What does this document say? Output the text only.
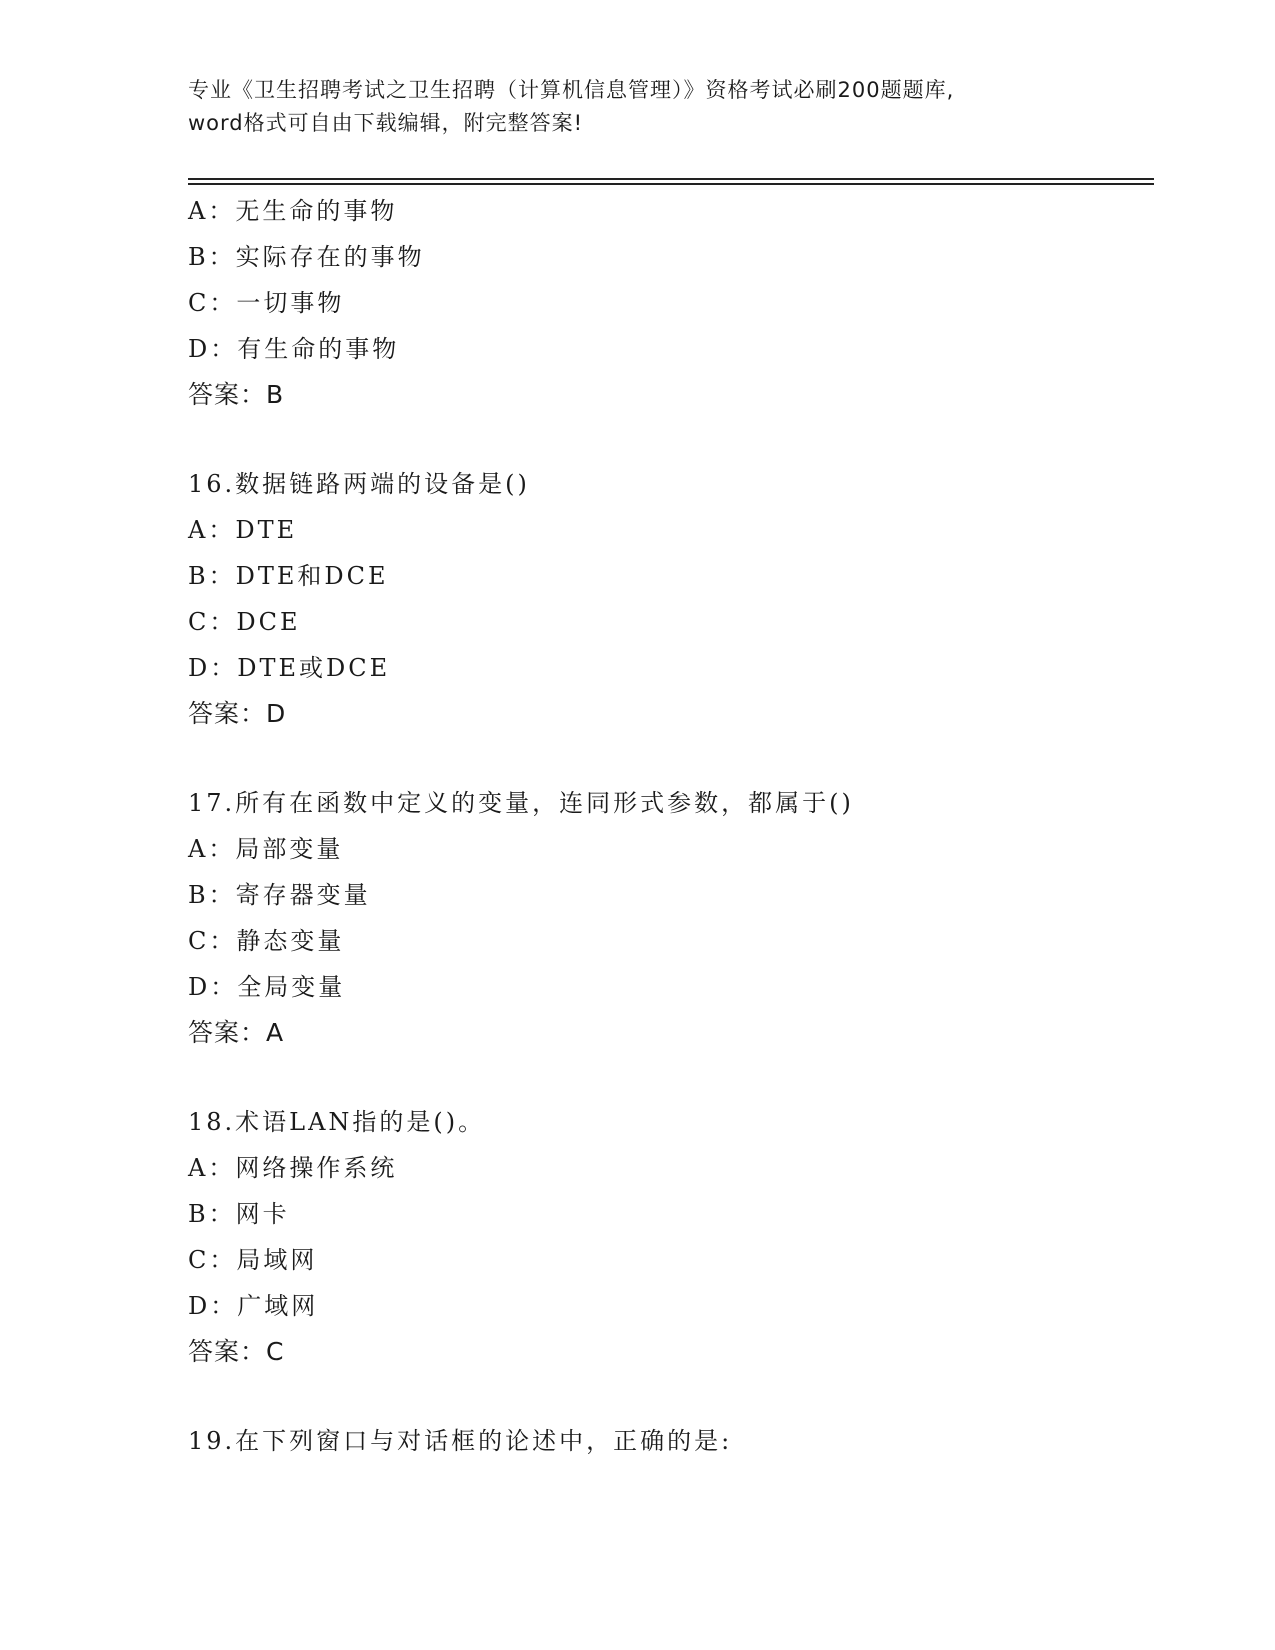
专业《卫生招聘考试之卫生招聘（计算机信息管理）》资格考试必刷200题题库,

word格式可自由下载编辑，附完整答案!

A：无生命的事物
B：实际存在的事物
C：一切事物
D：有生命的事物
答案：B
16.数据链路两端的设备是()
A：DTE
B：DTE和DCE
C：DCE
D：DTE或DCE
答案：D
17.所有在函数中定义的变量，连同形式参数，都属于()
A：局部变量
B：寄存器变量
C：静态变量
D：全局变量
答案：A
18.术语LAN指的是()。
A：网络操作系统
B：网卡
C：局域网
D：广域网
答案：C
19.在下列窗口与对话框的论述中，正确的是:
